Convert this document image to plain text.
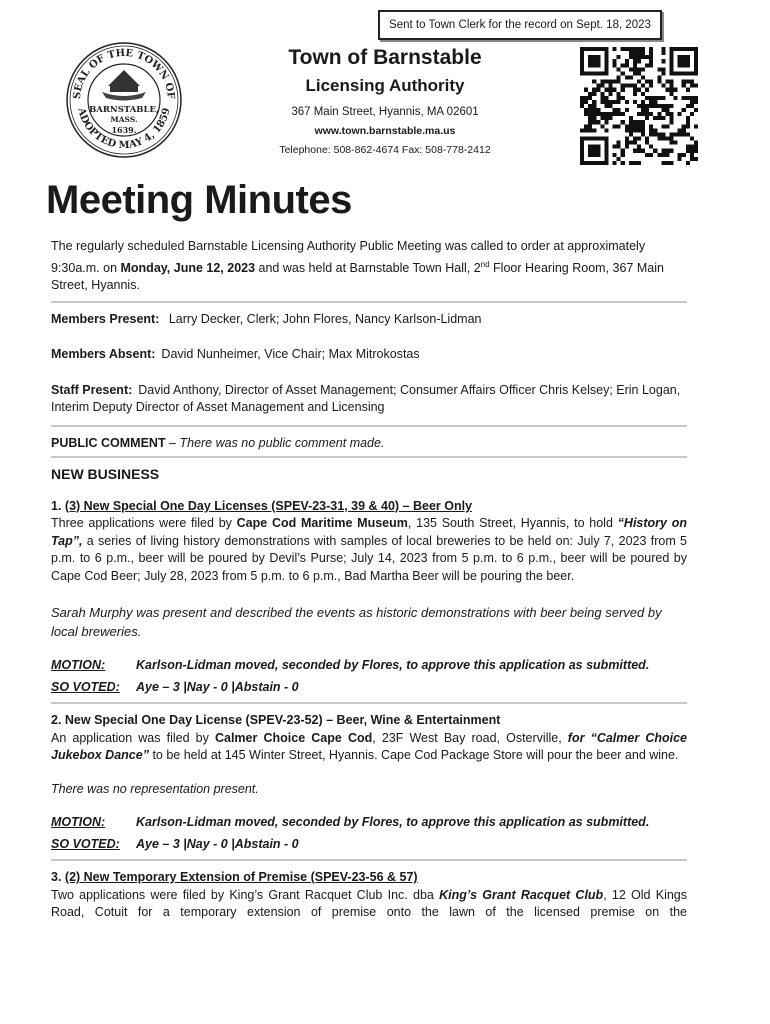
Sent to Town Clerk for the record on Sept. 18, 2023
SEAL OF THE TOWN OF
ADOPTED MAY 4, 1859
BARNSTABLE,
MASS.
1639.
Town of Barnstable
Licensing Authority
367 Main Street, Hyannis, MA 02601
www.town.barnstable.ma.us
Telephone: 508-862-4674 Fax: 508-778-2412
Meeting Minutes

The regularly scheduled Barnstable Licensing Authority Public Meeting was called to order at approximately 9:30a.m. on Monday, June 12, 2023 and was held at Barnstable Town Hall, 2nd Floor Hearing Room, 367 Main Street, Hyannis.

Members Present: Larry Decker, Clerk; John Flores, Nancy Karlson-Lidman

Members Absent: David Nunheimer, Vice Chair; Max Mitrokostas

Staff Present: David Anthony, Director of Asset Management; Consumer Affairs Officer Chris Kelsey; Erin Logan, Interim Deputy Director of Asset Management and Licensing

PUBLIC COMMENT – There was no public comment made.

NEW BUSINESS

1. (3) New Special One Day Licenses (SPEV-23-31, 39 & 40) – Beer Only

Three applications were filed by Cape Cod Maritime Museum, 135 South Street, Hyannis, to hold “History on Tap”, a series of living history demonstrations with samples of local breweries to be held on: July 7, 2023 from 5 p.m. to 6 p.m., beer will be poured by Devil’s Purse; July 14, 2023 from 5 p.m. to 6 p.m., beer will be poured by Cape Cod Beer; July 28, 2023 from 5 p.m. to 6 p.m., Bad Martha Beer will be pouring the beer.

Sarah Murphy was present and described the events as historic demonstrations with beer being served by local breweries.

MOTION: Karlson-Lidman moved, seconded by Flores, to approve this application as submitted.

SO VOTED: Aye – 3 |Nay - 0 |Abstain - 0

2. New Special One Day License (SPEV-23-52) – Beer, Wine & Entertainment

An application was filed by Calmer Choice Cape Cod, 23F West Bay road, Osterville, for “Calmer Choice Jukebox Dance” to be held at 145 Winter Street, Hyannis. Cape Cod Package Store will pour the beer and wine.

There was no representation present.

MOTION: Karlson-Lidman moved, seconded by Flores, to approve this application as submitted.

SO VOTED: Aye – 3 |Nay - 0 |Abstain - 0

3. (2) New Temporary Extension of Premise (SPEV-23-56 & 57)

Two applications were filed by King’s Grant Racquet Club Inc. dba King’s Grant Racquet Club, 12 Old Kings Road, Cotuit for a temporary extension of premise onto the lawn of the licensed premise on the
